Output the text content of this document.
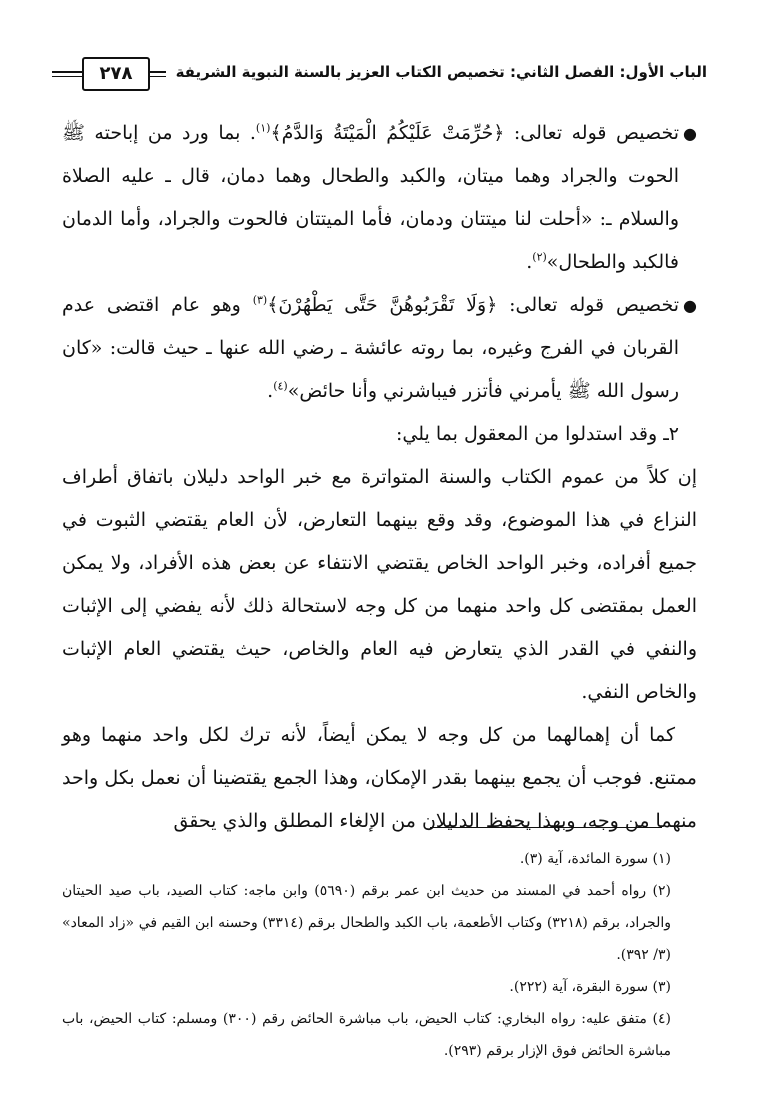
٢٧٨	الباب الأول: الفصل الثاني: تخصيص الكتاب العزيز بالسنة النبوية الشريفة

●
تخصيص قوله تعالى: ﴿حُرِّمَتْ عَلَيْكُمُ الْمَيْتَةُ وَالدَّمُ﴾$^{(١)}$. بما ورد من إباحته ﷺ الحوت والجراد وهما ميتان، والكبد والطحال وهما دمان، قال ـ عليه الصلاة والسلام ـ: «أحلت لنا ميتتان ودمان، فأما الميتتان فالحوت والجراد، وأما الدمان فالكبد والطحال»$^{(٢)}$.

●
تخصيص قوله تعالى: ﴿وَلَا تَقْرَبُوهُنَّ حَتَّى يَطْهُرْنَ﴾$^{(٣)}$ وهو عام اقتضى عدم القربان في الفرج وغيره، بما روته عائشة ـ رضي الله عنها ـ حيث قالت: «كان رسول الله ﷺ يأمرني فأتزر فيباشرني وأنا حائض»$^{(٤)}$.

٢ـ وقد استدلوا من المعقول بما يلي:

إن كلاً من عموم الكتاب والسنة المتواترة مع خبر الواحد دليلان باتفاق أطراف النزاع في هذا الموضوع، وقد وقع بينهما التعارض، لأن العام يقتضي الثبوت في جميع أفراده، وخبر الواحد الخاص يقتضي الانتفاء عن بعض هذه الأفراد، ولا يمكن العمل بمقتضى كل واحد منهما من كل وجه لاستحالة ذلك لأنه يفضي إلى الإثبات والنفي في القدر الذي يتعارض فيه العام والخاص، حيث يقتضي العام الإثبات والخاص النفي.

كما أن إهمالهما من كل وجه لا يمكن أيضاً، لأنه ترك لكل واحد منهما وهو ممتنع. فوجب أن يجمع بينهما بقدر الإمكان، وهذا الجمع يقتضينا أن نعمل بكل واحد منهما من وجه، وبهذا يحفظ الدليلان من الإلغاء المطلق والذي يحقق

(١) سورة المائدة، آية (٣).

(٢) رواه أحمد في المسند من حديث ابن عمر برقم (٥٦٩٠) وابن ماجه: كتاب الصيد، باب صيد الحيتان والجراد، برقم (٣٢١٨) وكتاب الأطعمة، باب الكبد والطحال برقم (٣٣١٤) وحسنه ابن القيم في «زاد المعاد» (٣/ ٣٩٢).

(٣) سورة البقرة، آية (٢٢٢).

(٤) متفق عليه: رواه البخاري: كتاب الحيض، باب مباشرة الحائض رقم (٣٠٠) ومسلم: كتاب الحيض، باب مباشرة الحائض فوق الإزار برقم (٢٩٣).
